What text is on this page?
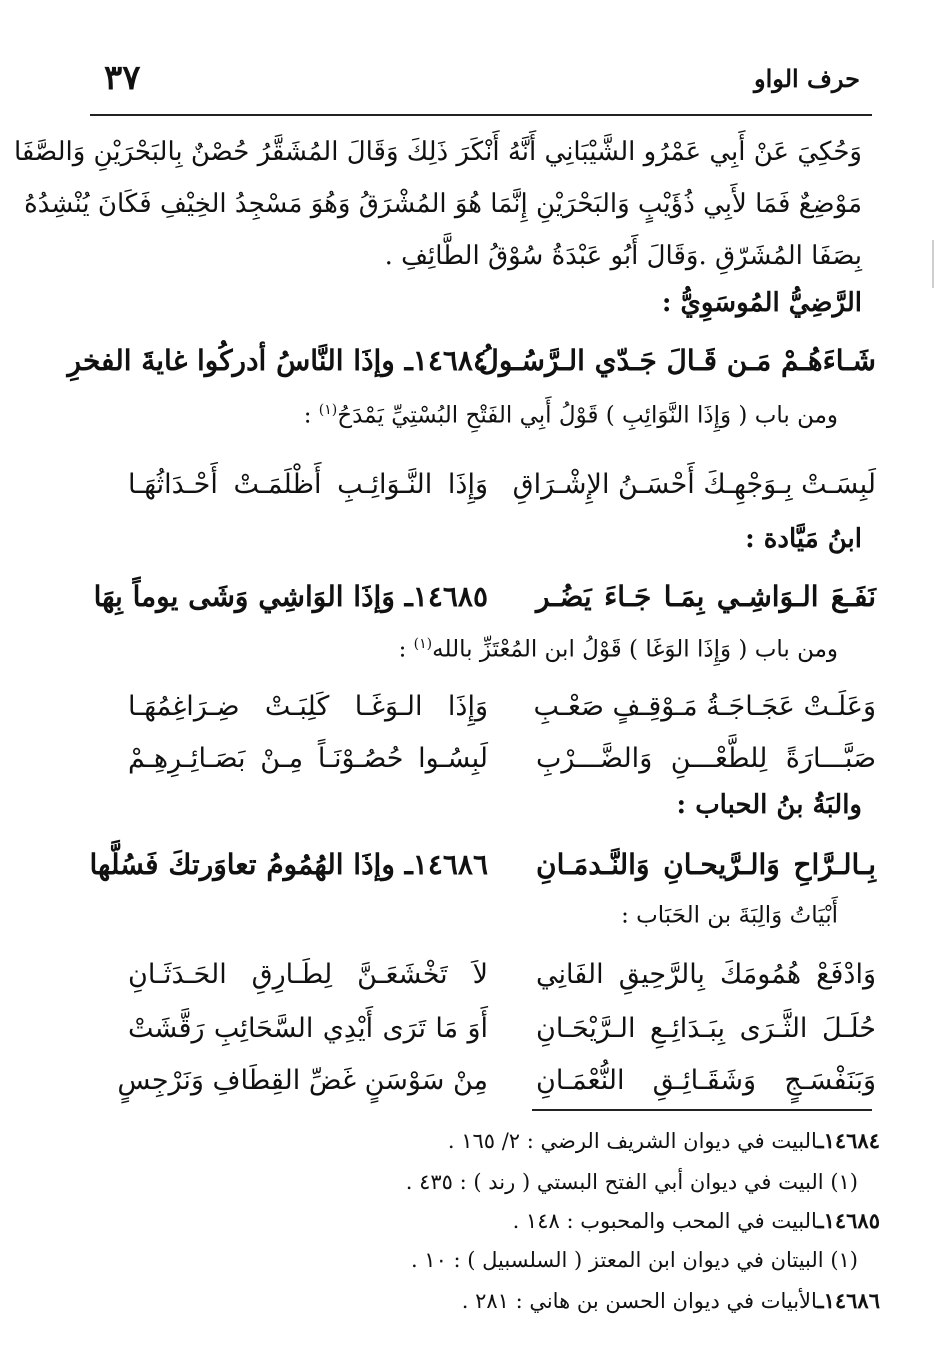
حرف الواو
٣٧
وَحُكِيَ عَنْ أَبِي عَمْرُو الشَّيْبَانِي أَنَّهُ أَنْكَرَ ذَلِكَ وَقَالَ المُشَقَّرُ حُصْنٌ بِالبَحْرَيْنِ وَالصَّفَا
مَوْضِعٌ فَمَا لأَبِي ذُؤَيْبٍ وَالبَحْرَيْنِ إِنَّمَا هُوَ المُشْرَقُ وَهُوَ مَسْجِدُ الخِيْفِ فَكَانَ يُنْشِدُهُ
بِصَفَا المُشَرّقِ .وَقَالَ أَبُو عَبْدَةُ سُوْقُ الطَّائِفِ .
الرَّضِيُّ المُوسَوِيُّ :
١٤٦٨٤ـ وإذَا النَّاسُ أدركُوا غايةَ الفخرِ	شَـاءَهُـمْ مَـن قَـالَ جَـدّي الـرَّسُـولُ
ومن باب ( وَإِذَا النَّوَائِبِ ) قَوْلُ أَبِي الفَتْحِ البُسْتِيِّ يَمْدَحُ$^{(١)}$ :
وَإِذَا النَّـوَائِـبِ أَظْلَمَـتْ أَحْـدَاثُهَـا لَبِسَـتْ بِـوَجْهِـكَ أَحْسَـنُ الإِشْـرَاقِ
ابنُ مَيَّادة :
١٤٦٨٥ـ وَإذَا الوَاشِي وَشَى يوماً بِهَا	نَفَـعَ الـوَاشِـي بِمَـا جَـاءَ يَضُـر
ومن باب ( وَإِذَا الوَغَا ) قَوْلُ ابن المُعْتَزِّ بالله$^{(١)}$ :
وَإِذَا الـوَغَـا كَلِبَـتْ ضِـرَاغِمُهَـا وَعَلَـتْ عَجَـاجَـةُ مَـوْقِـفٍ صَعْـبِ
لَبِسُـوا حُصُـوْنَـاً مِـنْ بَصَـائِـرِهِـمْ صَبَّـــارَةً لِلطَّعْـــنِ وَالضَّـــرْبِ
والبَةُ بنُ الحباب :
١٤٦٨٦ـ وإذَا الهُمُومُ تعاوَرتكَ فَسُلَّها	بِـالـرَّاحِ وَالـرَّيحـانِ وَالنَّـدمَـانِ
أَبْيَاتُ وَالِبَةَ بن الحَبَاب :
لاَ تَخْشَعَـنَّ لِطَـارِقِ الحَـدَثَـانِ وَادْفَعْ هُمُومَكَ بِالرَّحِيقِ الفَانِي
أَوَ مَا تَرَى أَيْدِي السَّحَائِبِ رَقَّشَتْ حُلَـلَ الثَّـرَى بِبَـدَائِـعِ الـرَّيْحَـانِ
مِنْ سَوْسَنٍ غَضِّ القِطَافِ وَنَرْجِسٍ وَبَنَفْسَـجٍ وَشَقَـائِـقِ النُّعْمَـانِ
١٤٦٨٤ـالبيت في ديوان الشريف الرضي : ٢/ ١٦٥ .
(١) البيت في ديوان أبي الفتح البستي ( رند ) : ٤٣٥ .
١٤٦٨٥ـالبيت في المحب والمحبوب : ١٤٨ .
(١) البيتان في ديوان ابن المعتز ( السلسبيل ) : ١٠ .
١٤٦٨٦ـالأبيات في ديوان الحسن بن هاني : ٢٨١ .
